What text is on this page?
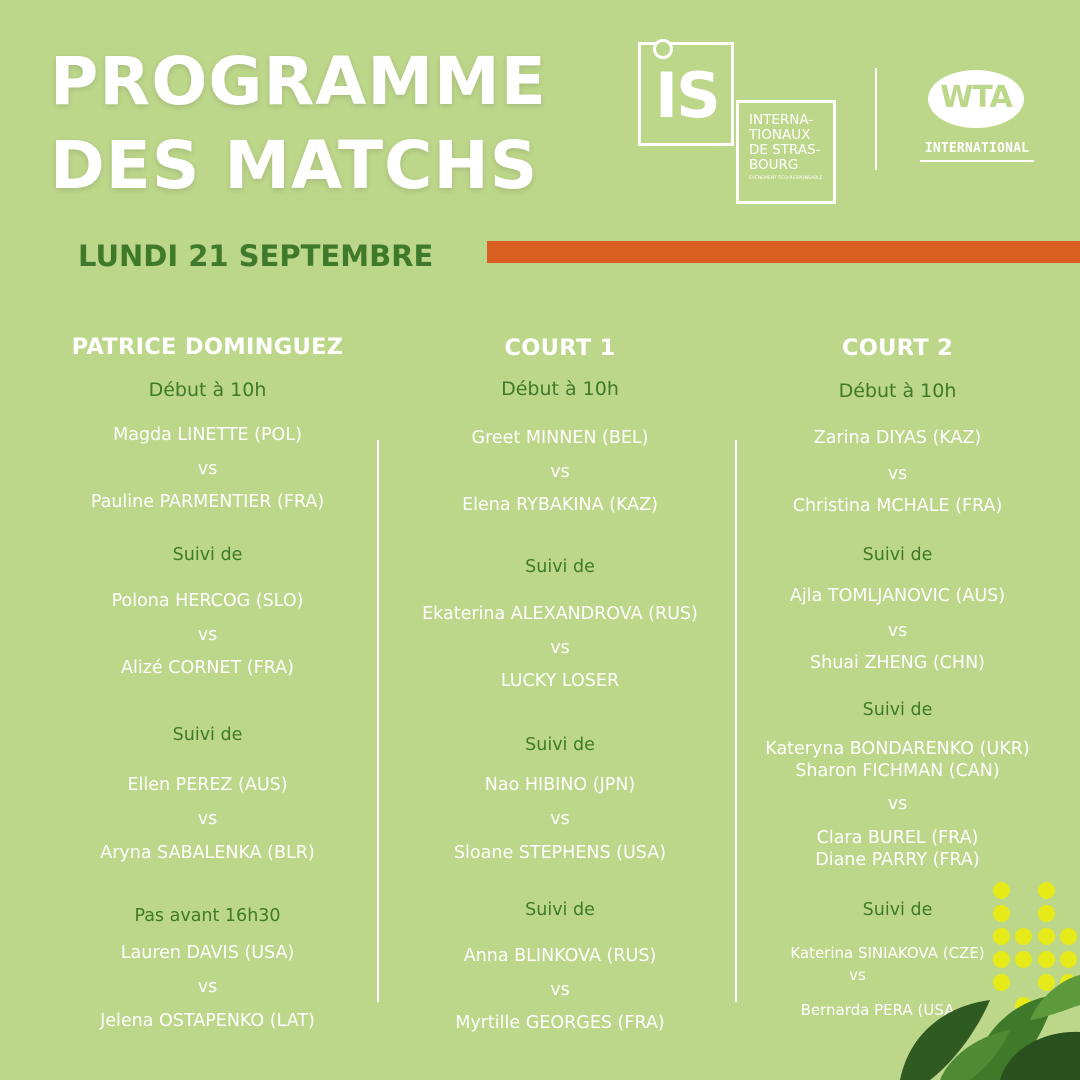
PROGRAMME
DES MATCHS
IS INTERNA-
TIONAUX
DE STRAS-
BOURG
ÉVÉNEMENT ÉCO-RESPONSABLE
WTA
INTERNATIONAL
LUNDI 21 SEPTEMBRE
PATRICE DOMINGUEZ
Début à 10h
Magda LINETTE (POL)
vs
Pauline PARMENTIER (FRA)
Suivi de
Polona HERCOG (SLO)
vs
Alizé CORNET (FRA)
Suivi de
Ellen PEREZ (AUS)
vs
Aryna SABALENKA (BLR)
Pas avant 16h30
Lauren DAVIS (USA)
vs
Jelena OSTAPENKO (LAT)
COURT 1
Début à 10h
Greet MINNEN (BEL)
vs
Elena RYBAKINA (KAZ)
Suivi de
Ekaterina ALEXANDROVA (RUS)
vs
LUCKY LOSER
Suivi de
Nao HIBINO (JPN)
vs
Sloane STEPHENS (USA)
Suivi de
Anna BLINKOVA (RUS)
vs
Myrtille GEORGES (FRA)
COURT 2
Début à 10h
Zarina DIYAS (KAZ)
vs
Christina MCHALE (FRA)
Suivi de
Ajla TOMLJANOVIC (AUS)
vs
Shuai ZHENG (CHN)
Suivi de
Kateryna BONDARENKO (UKR)
Sharon FICHMAN (CAN)
vs
Clara BUREL (FRA)
Diane PARRY (FRA)
Suivi de
Katerina SINIAKOVA (CZE)
vs
Bernarda PERA (USA
